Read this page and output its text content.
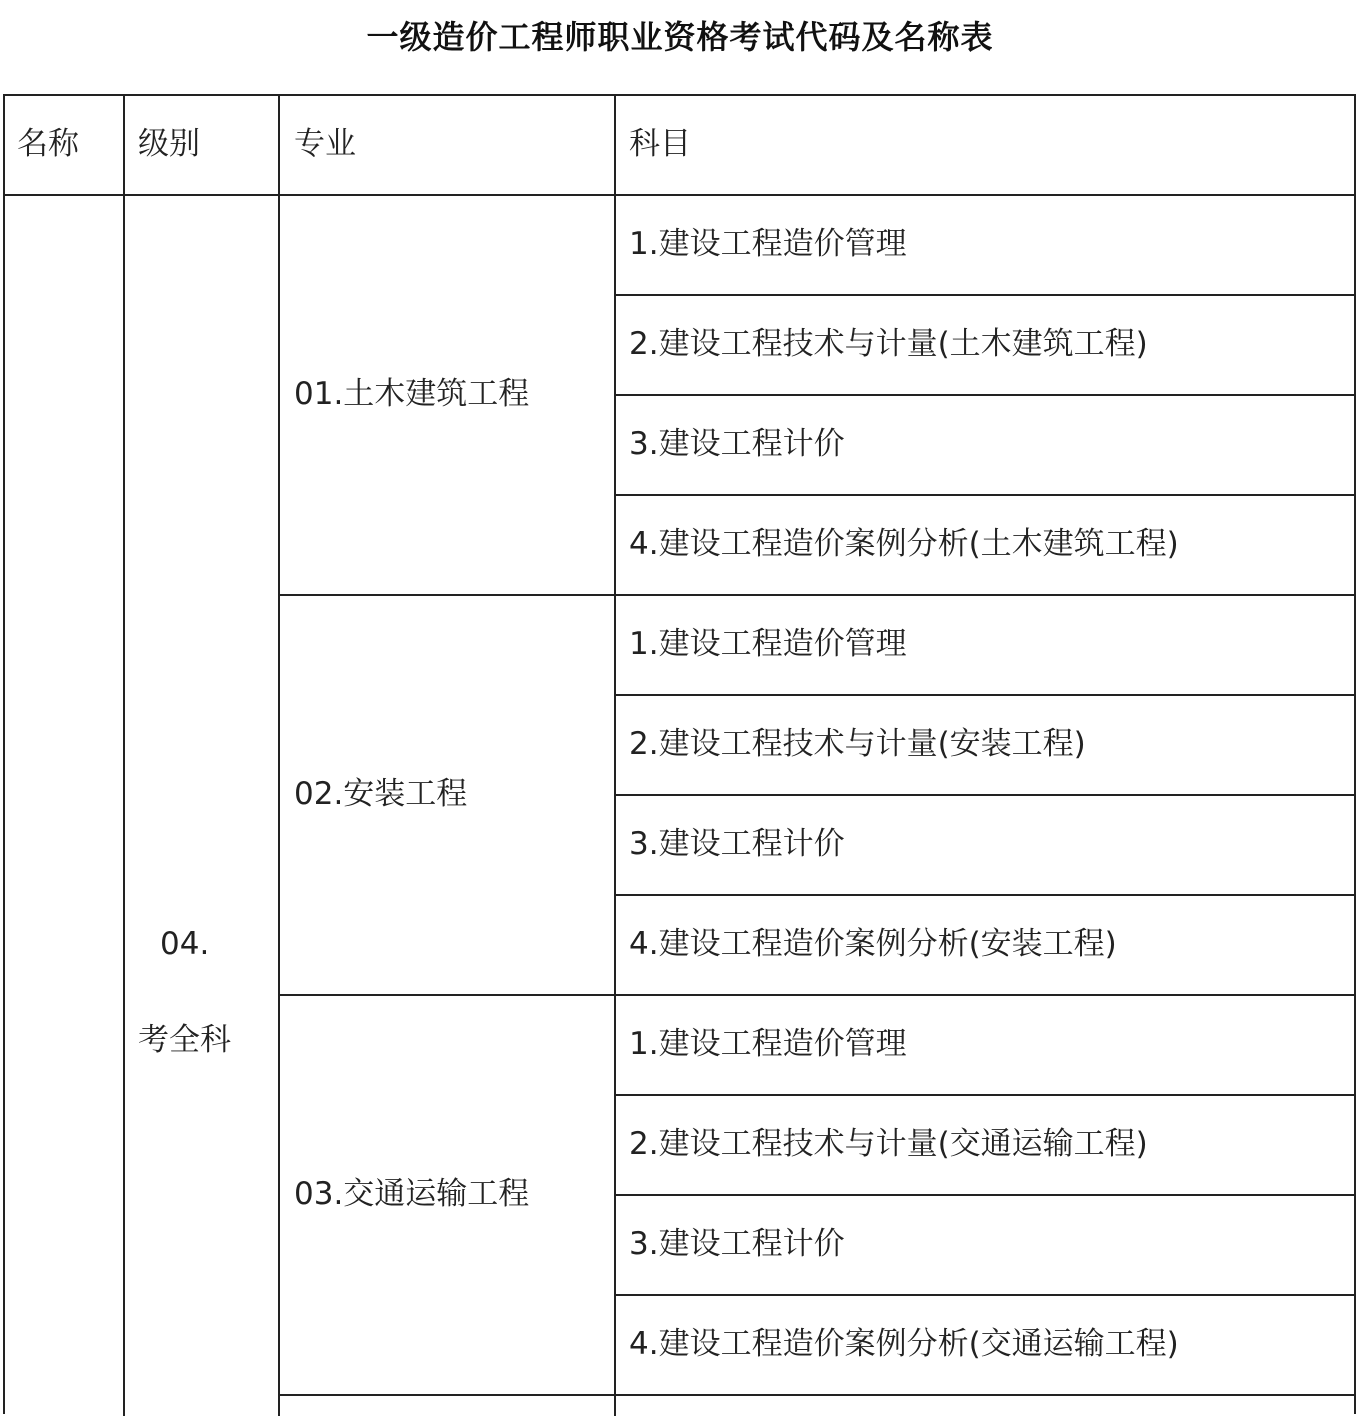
一级造价工程师职业资格考试代码及名称表
名称 级别	专业	科目
04.
考全科
01.土木建筑工程
1.建设工程造价管理
2.建设工程技术与计量(土木建筑工程)
3.建设工程计价
4.建设工程造价案例分析(土木建筑工程)
02.安装工程
1.建设工程造价管理
2.建设工程技术与计量(安装工程)
3.建设工程计价
4.建设工程造价案例分析(安装工程)
03.交通运输工程
1.建设工程造价管理
2.建设工程技术与计量(交通运输工程)
3.建设工程计价
4.建设工程造价案例分析(交通运输工程)
